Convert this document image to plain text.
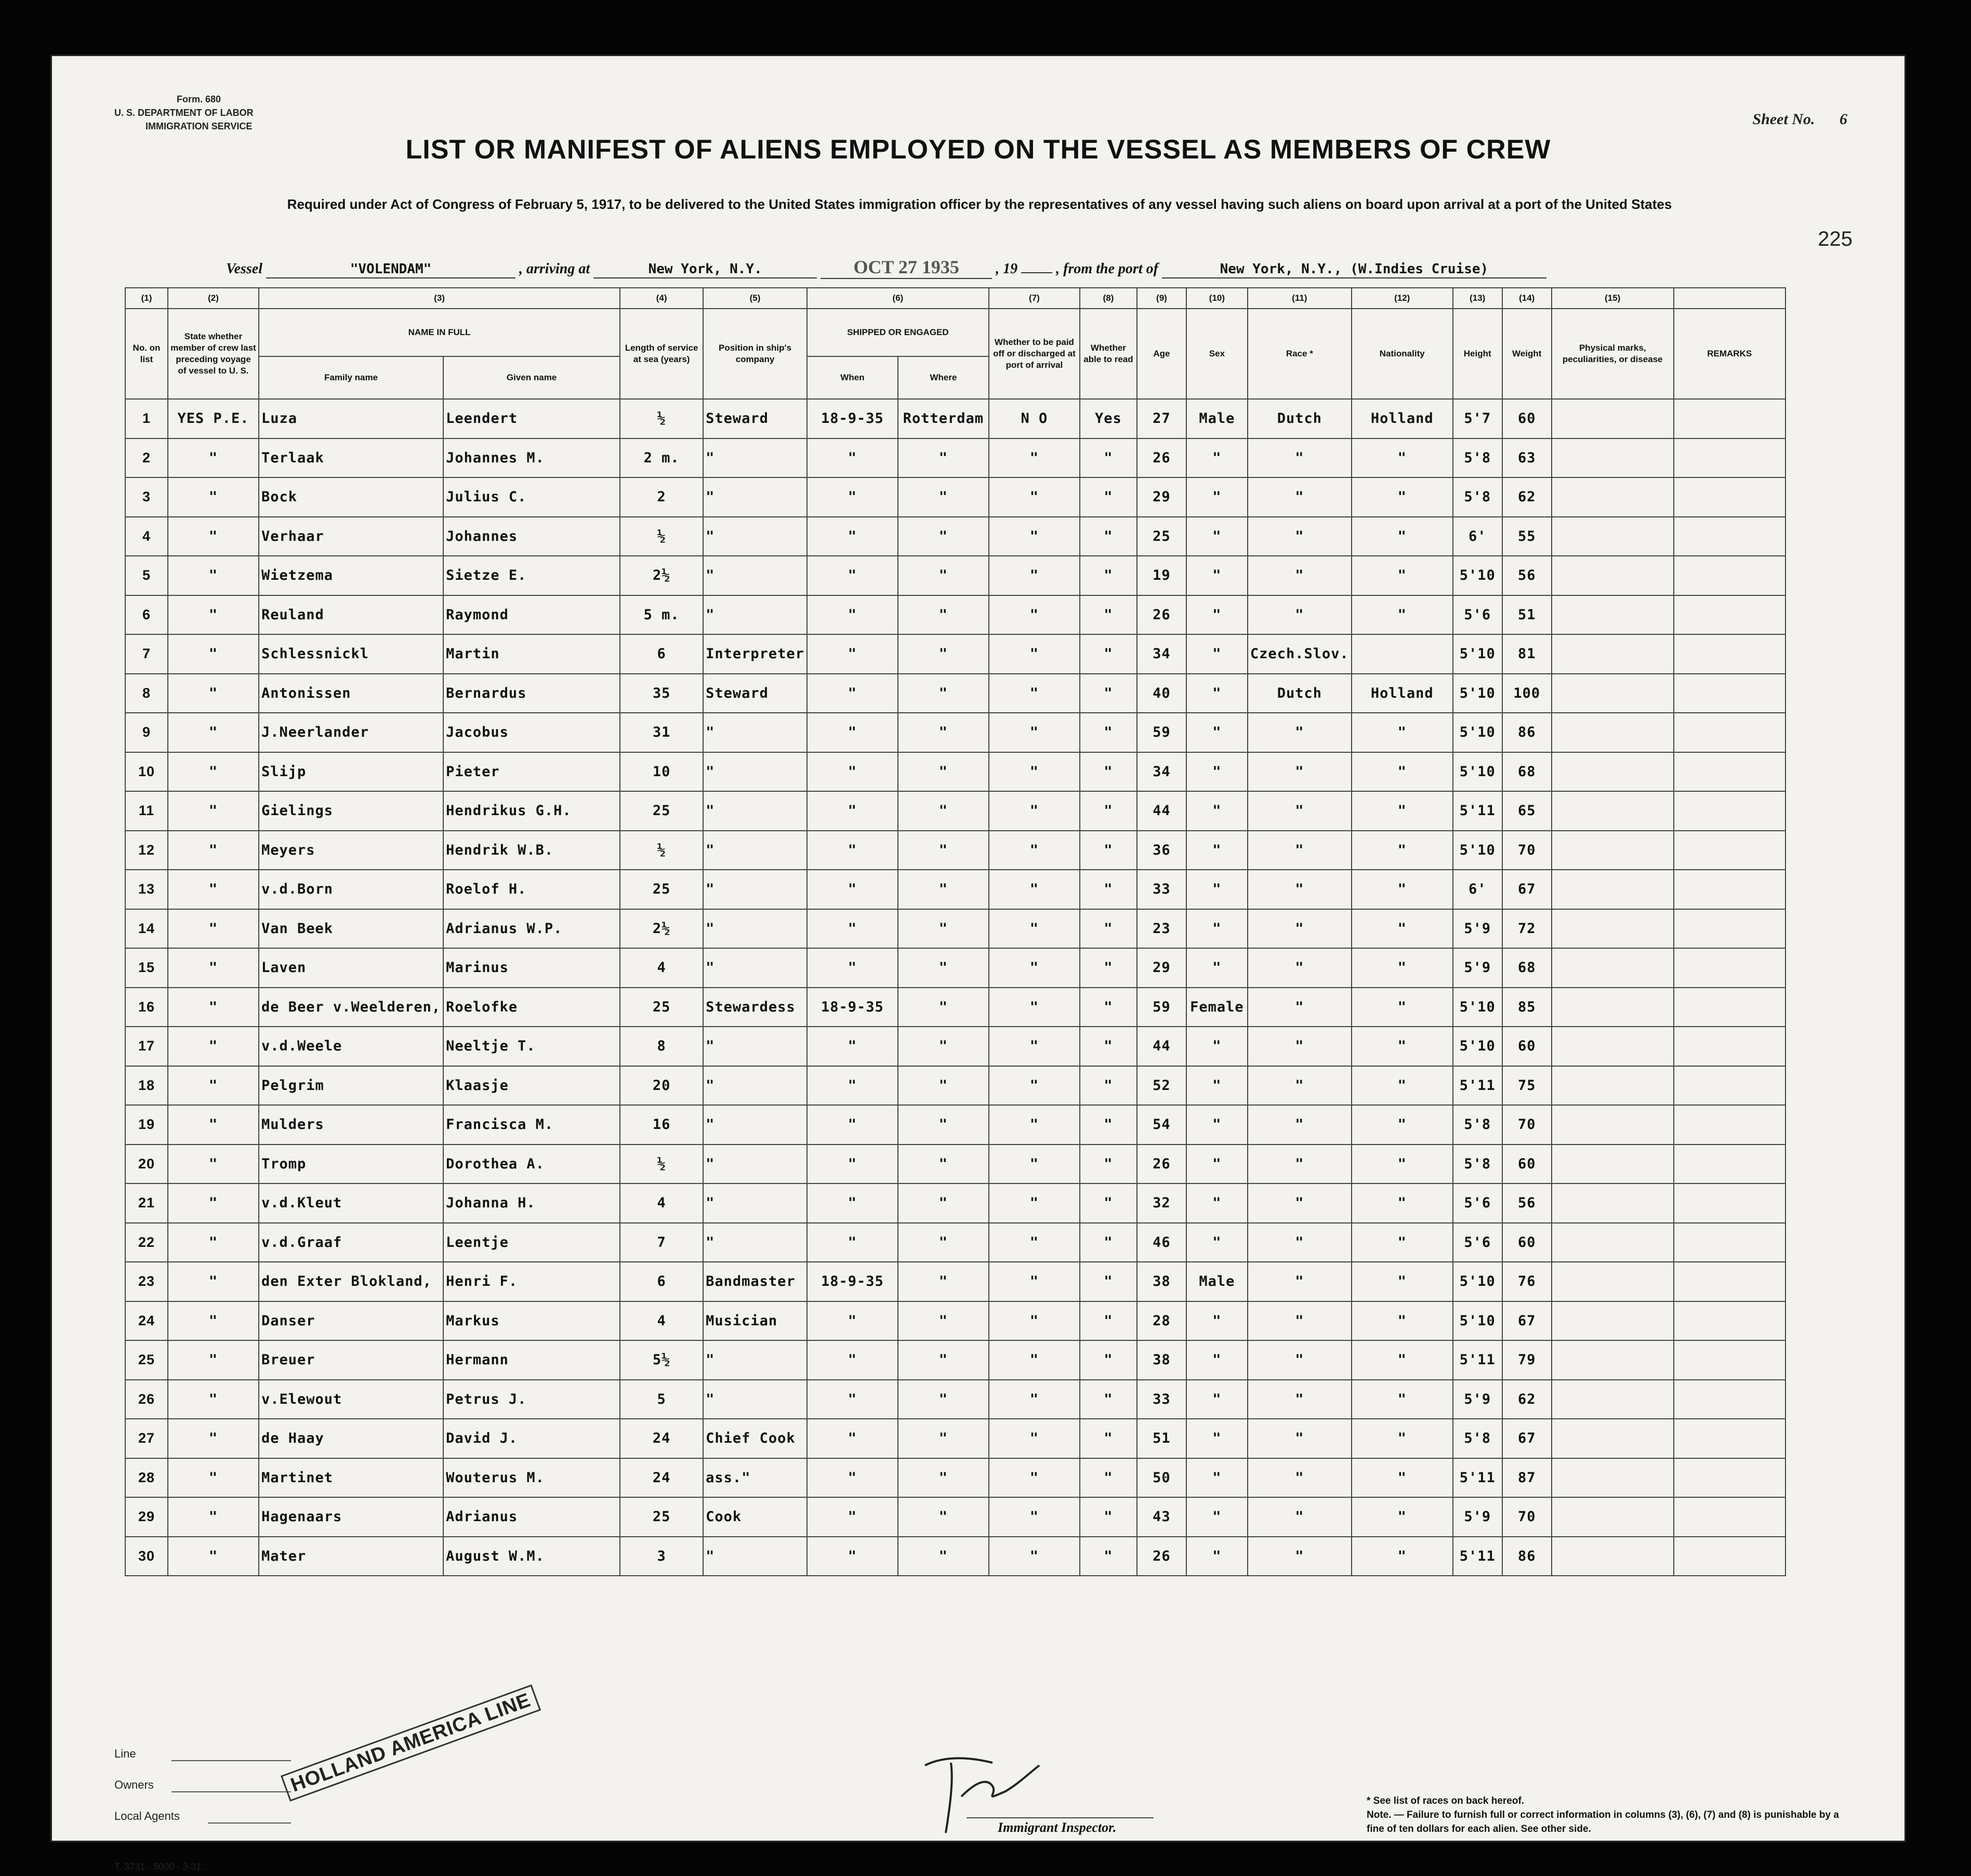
Form. 680
U. S. DEPARTMENT OF LABOR
IMMIGRATION SERVICE	Sheet No. 6
LIST OR MANIFEST OF ALIENS EMPLOYED ON THE VESSEL AS MEMBERS OF CREW
Required under Act of Congress of February 5, 1917, to be delivered to the United States immigration officer by the representatives of any vessel having such aliens on board upon arrival at a port of the United States
225
Vessel	"VOLENDAM"	, arriving at	New York, N.Y.	OCT 27 1935	, 19	, from the port of	New York, N.Y., (W.Indies Cruise)
(1)	(2)	(3)		(4)	(5)	(6)		(7)	(8)	(9)	(10)	(11)	(12)	(13)	(14)	(15)	
No. on list	State whether member of crew last preceding voyage of vessel to U. S.	NAME IN FULL		Length of service at sea (years)	Position in ship's company	SHIPPED OR ENGAGED		Whether to be paid off or discharged at port of arrival	Whether able to read	Age	Sex	Race *	Nationality	Height	Weight	Physical marks, peculiarities, or disease	REMARKS
		Family name	Given name			When	Where										
1	YES P.E.	Luza	Leendert	½	Steward	18-9-35	Rotterdam	N O	Yes	27	Male	Dutch	Holland	5'7	60		
2	"	Terlaak	Johannes M.	2 m.	"	"	"	"	"	26	"	"	"	5'8	63		
3	"	Bock	Julius C.	2	"	"	"	"	"	29	"	"	"	5'8	62		
4	"	Verhaar	Johannes	½	"	"	"	"	"	25	"	"	"	6'	55		
5	"	Wietzema	Sietze E.	2½	"	"	"	"	"	19	"	"	"	5'10	56		
6	"	Reuland	Raymond	5 m.	"	"	"	"	"	26	"	"	"	5'6	51		
7	"	Schlessnickl	Martin	6	Interpreter	"	"	"	"	34	"	Czech.Slov.		5'10	81		
8	"	Antonissen	Bernardus	35	Steward	"	"	"	"	40	"	Dutch	Holland	5'10	100		
9	"	J.Neerlander	Jacobus	31	"	"	"	"	"	59	"	"	"	5'10	86		
10	"	Slijp	Pieter	10	"	"	"	"	"	34	"	"	"	5'10	68		
11	"	Gielings	Hendrikus G.H.	25	"	"	"	"	"	44	"	"	"	5'11	65		
12	"	Meyers	Hendrik W.B.	½	"	"	"	"	"	36	"	"	"	5'10	70		
13	"	v.d.Born	Roelof H.	25	"	"	"	"	"	33	"	"	"	6'	67		
14	"	Van Beek	Adrianus W.P.	2½	"	"	"	"	"	23	"	"	"	5'9	72		
15	"	Laven	Marinus	4	"	"	"	"	"	29	"	"	"	5'9	68		
16	"	de Beer v.Weelderen,	Roelofke	25	Stewardess	18-9-35	"	"	"	59	Female	"	"	5'10	85		
17	"	v.d.Weele	Neeltje T.	8	"	"	"	"	"	44	"	"	"	5'10	60		
18	"	Pelgrim	Klaasje	20	"	"	"	"	"	52	"	"	"	5'11	75		
19	"	Mulders	Francisca M.	16	"	"	"	"	"	54	"	"	"	5'8	70		
20	"	Tromp	Dorothea A.	½	"	"	"	"	"	26	"	"	"	5'8	60		
21	"	v.d.Kleut	Johanna H.	4	"	"	"	"	"	32	"	"	"	5'6	56		
22	"	v.d.Graaf	Leentje	7	"	"	"	"	"	46	"	"	"	5'6	60		
23	"	den Exter Blokland,	Henri F.	6	Bandmaster	18-9-35	"	"	"	38	Male	"	"	5'10	76		
24	"	Danser	Markus	4	Musician	"	"	"	"	28	"	"	"	5'10	67		
25	"	Breuer	Hermann	5½	"	"	"	"	"	38	"	"	"	5'11	79		
26	"	v.Elewout	Petrus J.	5	"	"	"	"	"	33	"	"	"	5'9	62		
27	"	de Haay	David J.	24	Chief Cook	"	"	"	"	51	"	"	"	5'8	67		
28	"	Martinet	Wouterus M.	24	ass."	"	"	"	"	50	"	"	"	5'11	87		
29	"	Hagenaars	Adrianus	25	Cook	"	"	"	"	43	"	"	"	5'9	70		
30	"	Mater	August W.M.	3	"	"	"	"	"	26	"	"	"	5'11	86		
Line
Owners
Local Agents
HOLLAND AMERICA LINE
Immigrant Inspector.
* See list of races on back hereof.
Note. — Failure to furnish full or correct information in columns (3), (6), (7) and (8) is punishable by a fine of ten dollars for each alien. See other side.
T. 3731 - 5000 - 3-31.
